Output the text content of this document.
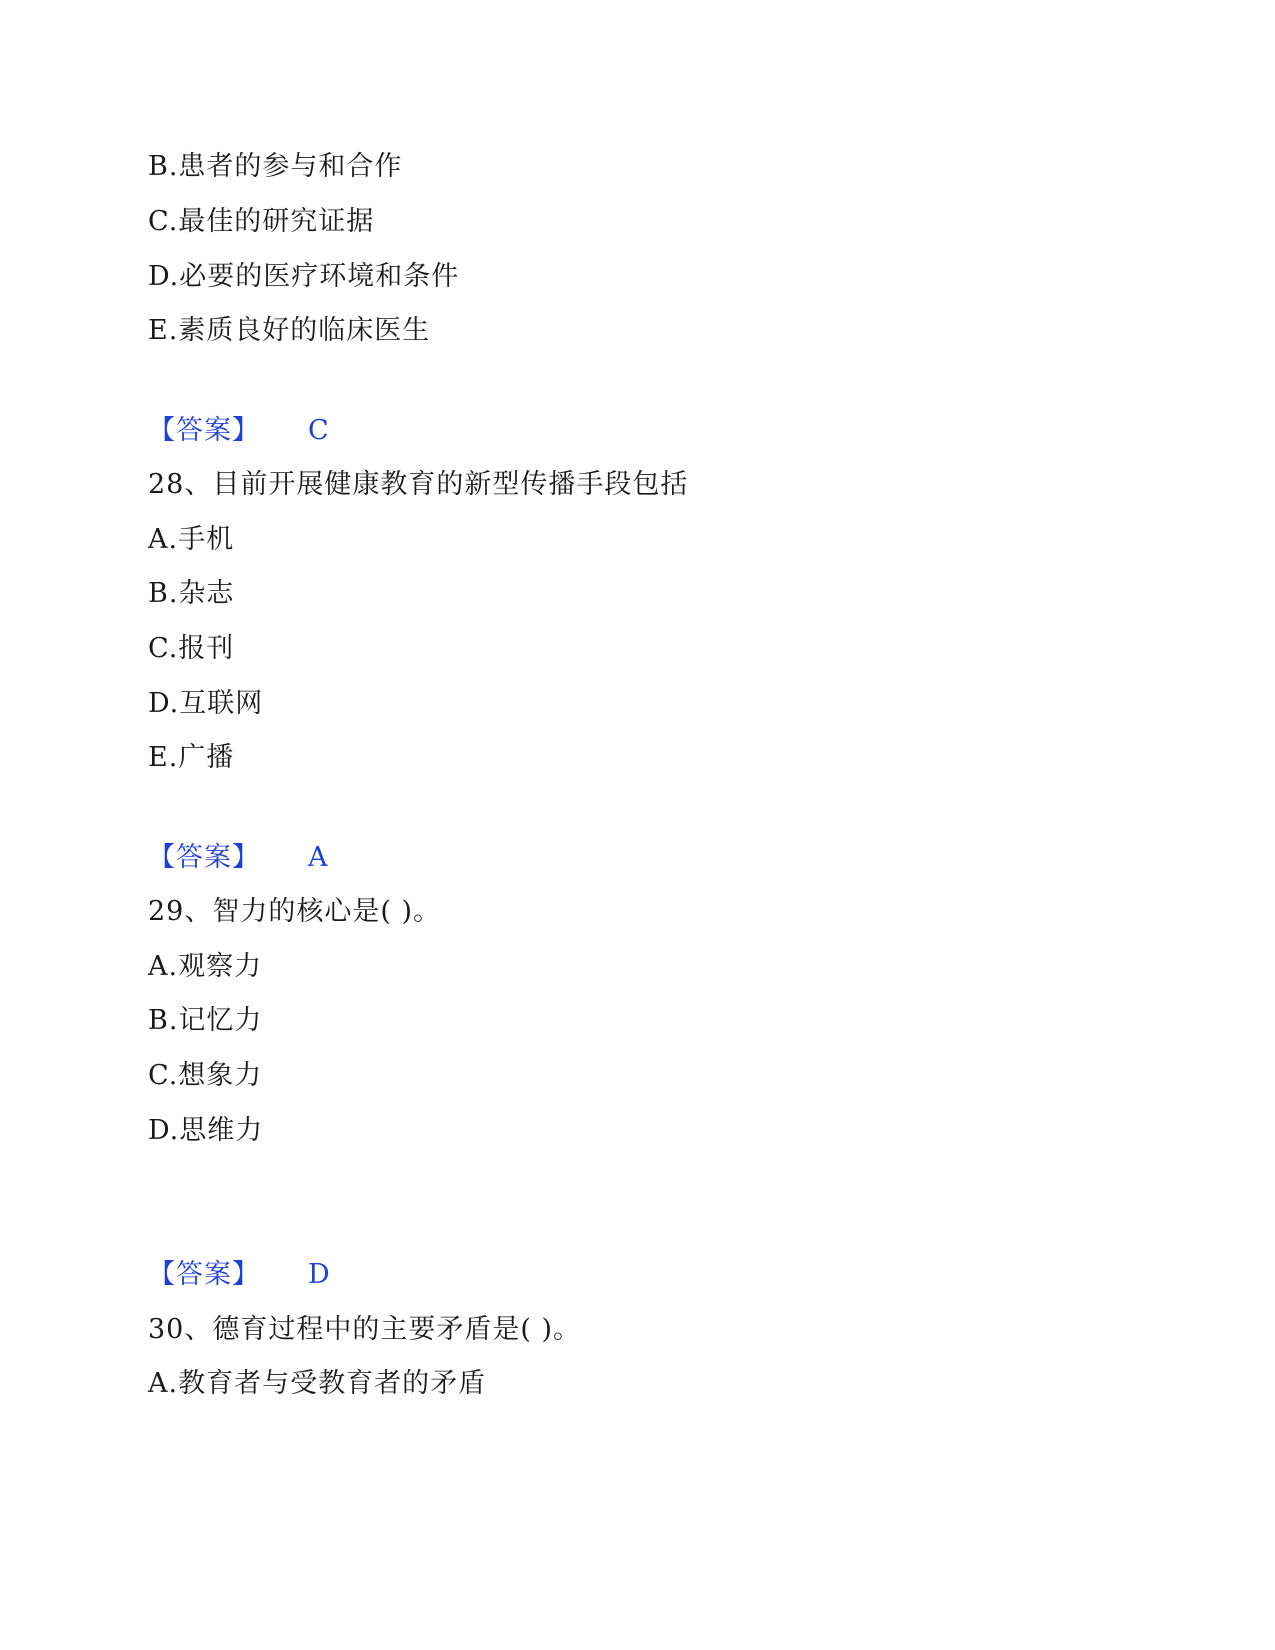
B.患者的参与和合作
C.最佳的研究证据
D.必要的医疗环境和条件
E.素质良好的临床医生
【答案】 C
28、目前开展健康教育的新型传播手段包括
A.手机
B.杂志
C.报刊
D.互联网
E.广播
【答案】 A
29、智力的核心是( )。
A.观察力
B.记忆力
C.想象力
D.思维力
【答案】 D
30、德育过程中的主要矛盾是( )。
A.教育者与受教育者的矛盾
